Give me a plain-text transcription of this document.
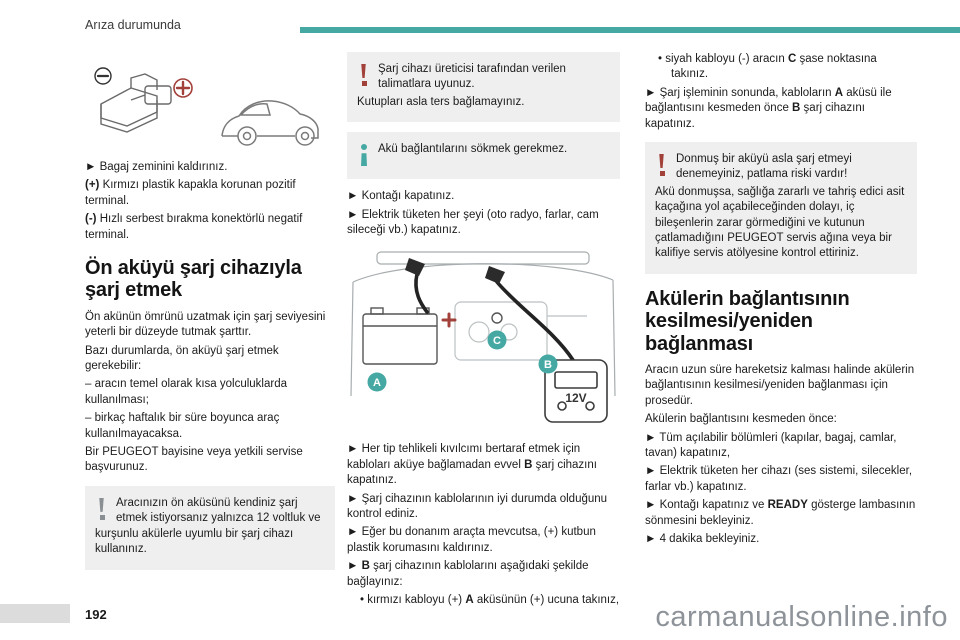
Arıza durumunda

► Bagaj zeminini kaldırınız.

(+) Kırmızı plastik kapakla korunan pozitif terminal.

(-) Hızlı serbest bırakma konektörlü negatif terminal.

Ön aküyü şarj cihazıyla şarj etmek

Ön akünün ömrünü uzatmak için şarj seviyesini yeterli bir düzeyde tutmak şarttır.

Bazı durumlarda, ön aküyü şarj etmek gerekebilir:

– aracın temel olarak kısa yolculuklarda kullanılması;

– birkaç haftalık bir süre boyunca araç kullanılmayacaksa.

Bir PEUGEOT bayisine veya yetkili servise başvurunuz.

Aracınızın ön aküsünü kendiniz şarj etmek istiyorsanız yalnızca 12 voltluk ve kurşunlu akülerle uyumlu bir şarj cihazı kullanınız.

Şarj cihazı üreticisi tarafından verilen talimatlara uyunuz.

Kutupları asla ters bağlamayınız.

Akü bağlantılarını sökmek gerekmez.

► Kontağı kapatınız.

► Elektrik tüketen her şeyi (oto radyo, farlar, cam sileceği vb.) kapatınız.

12V
A
C
B

► Her tip tehlikeli kıvılcımı bertaraf etmek için kabloları aküye bağlamadan evvel B şarj cihazını kapatınız.

► Şarj cihazının kablolarının iyi durumda olduğunu kontrol ediniz.

► Eğer bu donanım araçta mevcutsa, (+) kutbun plastik korumasını kaldırınız.

► B şarj cihazının kablolarını aşağıdaki şekilde bağlayınız:

• kırmızı kabloyu (+) A aküsünün (+) ucuna takınız,

• siyah kabloyu (-) aracın C şase noktasına takınız.

► Şarj işleminin sonunda, kabloların A aküsü ile bağlantısını kesmeden önce B şarj cihazını kapatınız.

Donmuş bir aküyü asla şarj etmeyi denemeyiniz, patlama riski vardır!

Akü donmuşsa, sağlığa zararlı ve tahriş edici asit kaçağına yol açabileceğinden dolayı, iç bileşenlerin zarar görmediğini ve kutunun çatlamadığını PEUGEOT servis ağına veya bir kalifiye servis atölyesine kontrol ettiriniz.

Akülerin bağlantısının kesilmesi/yeniden bağlanması

Aracın uzun süre hareketsiz kalması halinde akülerin bağlantısının kesilmesi/yeniden bağlanması için prosedür.

Akülerin bağlantısını kesmeden önce:

► Tüm açılabilir bölümleri (kapılar, bagaj, camlar, tavan) kapatınız,

► Elektrik tüketen her cihazı (ses sistemi, silecekler, farlar vb.) kapatınız.

► Kontağı kapatınız ve READY gösterge lambasının sönmesini bekleyiniz.

► 4 dakika bekleyiniz.

192	carmanualsonline.info
